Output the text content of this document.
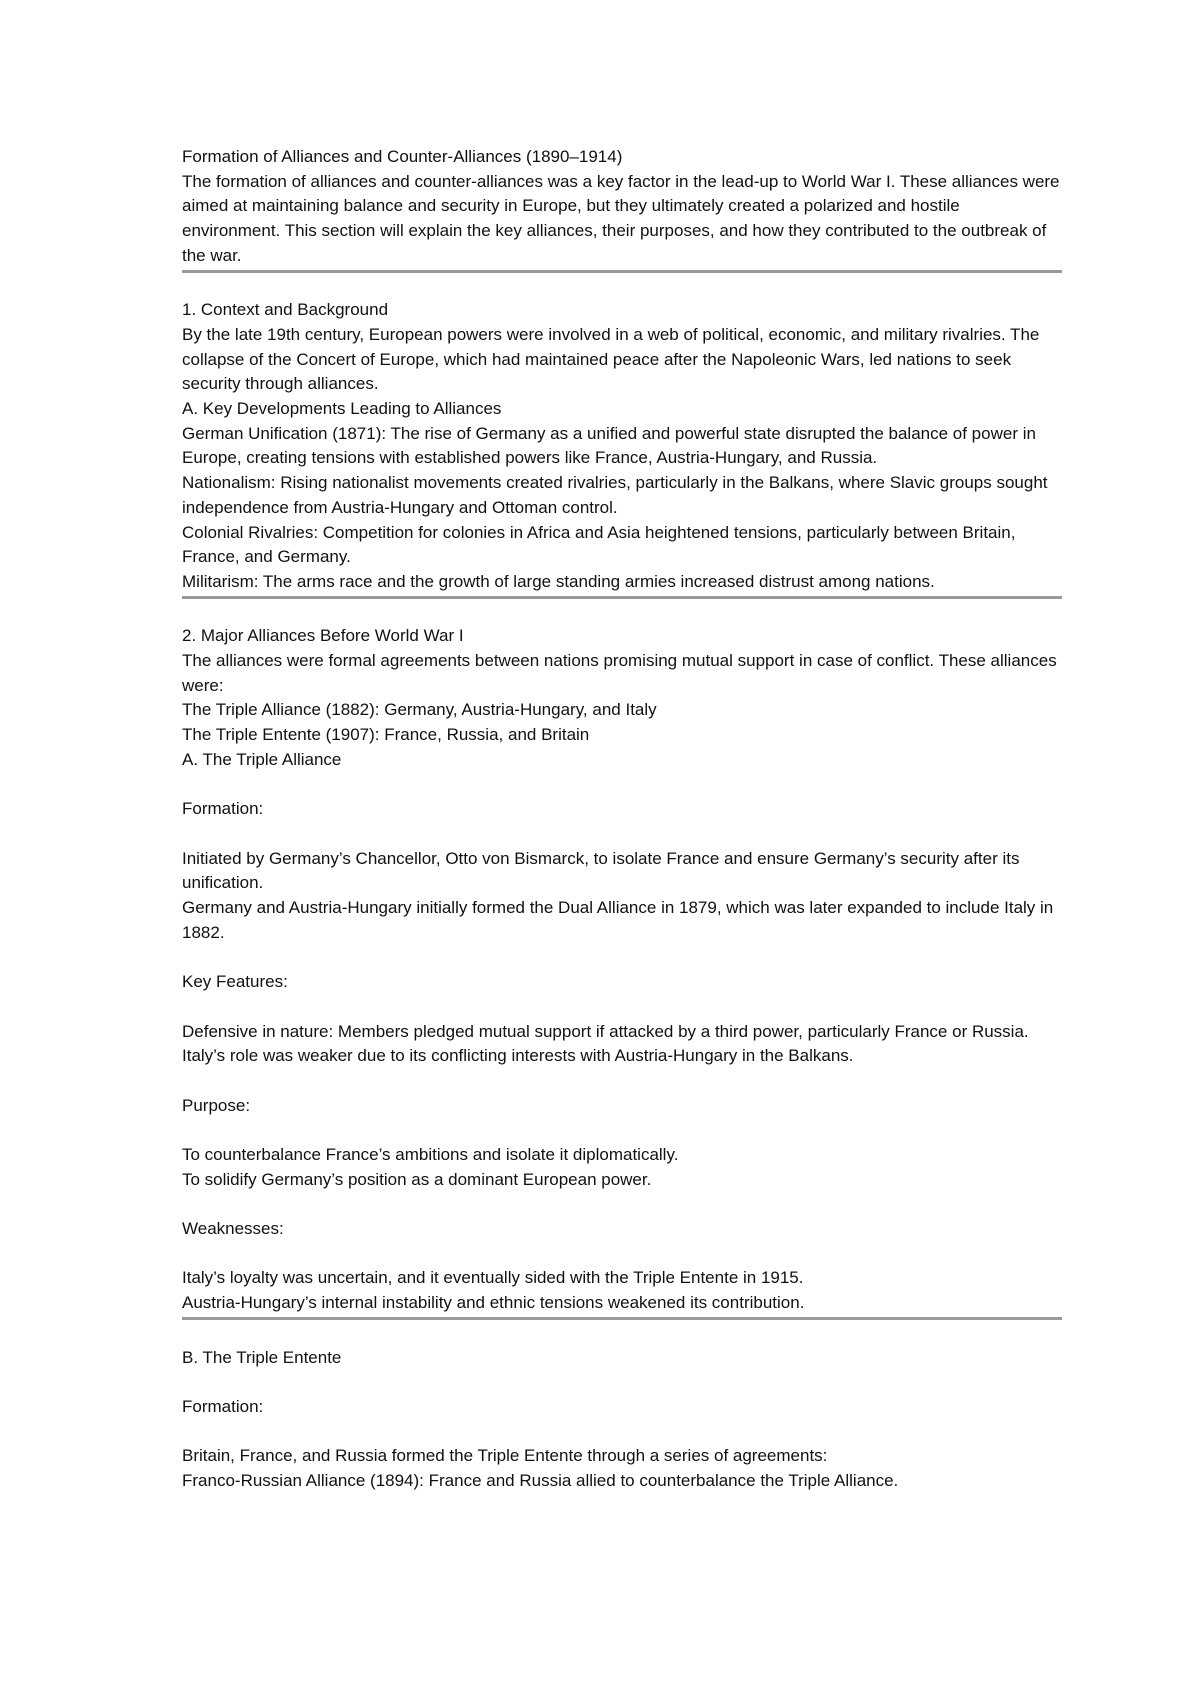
Formation of Alliances and Counter-Alliances (1890–1914)

The formation of alliances and counter-alliances was a key factor in the lead-up to World War I. These alliances were aimed at maintaining balance and security in Europe, but they ultimately created a polarized and hostile environment. This section will explain the key alliances, their purposes, and how they contributed to the outbreak of the war.

1. Context and Background

By the late 19th century, European powers were involved in a web of political, economic, and military rivalries. The collapse of the Concert of Europe, which had maintained peace after the Napoleonic Wars, led nations to seek security through alliances.

A. Key Developments Leading to Alliances

German Unification (1871): The rise of Germany as a unified and powerful state disrupted the balance of power in Europe, creating tensions with established powers like France, Austria-Hungary, and Russia.

Nationalism: Rising nationalist movements created rivalries, particularly in the Balkans, where Slavic groups sought independence from Austria-Hungary and Ottoman control.

Colonial Rivalries: Competition for colonies in Africa and Asia heightened tensions, particularly between Britain, France, and Germany.

Militarism: The arms race and the growth of large standing armies increased distrust among nations.

2. Major Alliances Before World War I

The alliances were formal agreements between nations promising mutual support in case of conflict. These alliances were:

The Triple Alliance (1882): Germany, Austria-Hungary, and Italy

The Triple Entente (1907): France, Russia, and Britain

A. The Triple Alliance

Formation:

Initiated by Germany’s Chancellor, Otto von Bismarck, to isolate France and ensure Germany’s security after its unification.

Germany and Austria-Hungary initially formed the Dual Alliance in 1879, which was later expanded to include Italy in 1882.

Key Features:

Defensive in nature: Members pledged mutual support if attacked by a third power, particularly France or Russia.

Italy’s role was weaker due to its conflicting interests with Austria-Hungary in the Balkans.

Purpose:

To counterbalance France’s ambitions and isolate it diplomatically.

To solidify Germany’s position as a dominant European power.

Weaknesses:

Italy’s loyalty was uncertain, and it eventually sided with the Triple Entente in 1915.

Austria-Hungary’s internal instability and ethnic tensions weakened its contribution.

B. The Triple Entente

Formation:

Britain, France, and Russia formed the Triple Entente through a series of agreements:

Franco-Russian Alliance (1894): France and Russia allied to counterbalance the Triple Alliance.
